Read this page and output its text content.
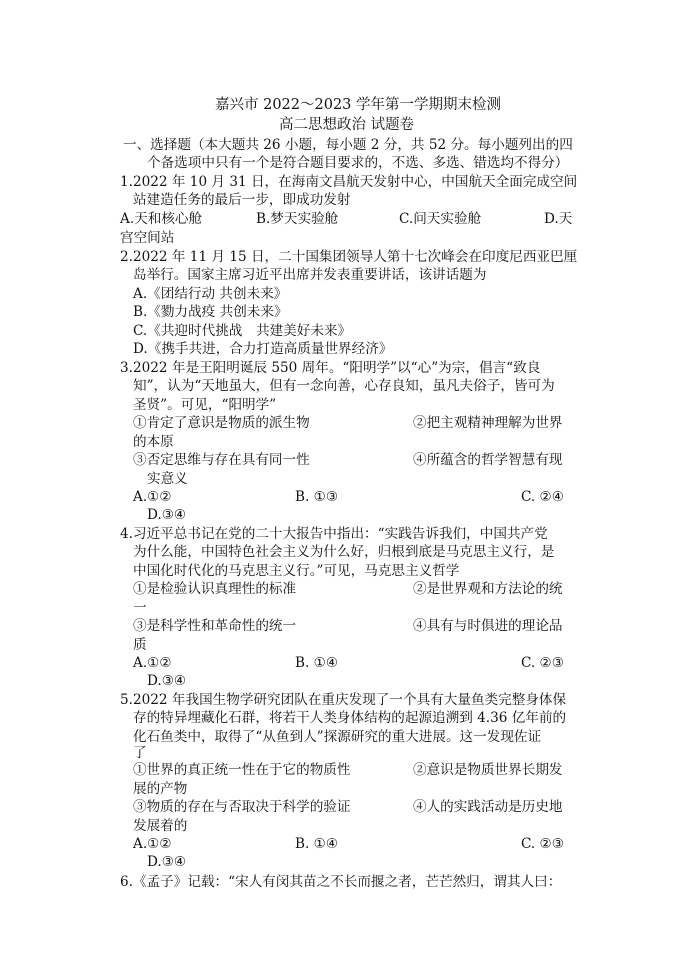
嘉兴市 2022～2023 学年第一学期期末检测
高二思想政治 试题卷
一、选择题（本大题共 26 小题，每小题 2 分，共 52 分。每小题列出的四
个备选项中只有一个是符合题目要求的，不选、多选、错选均不得分）
1.2022 年 10 月 31 日，在海南文昌航天发射中心，中国航天全面完成空间
站建造任务的最后一步，即成功发射
A.天和核心舱	B.梦天实验舱	C.问天实验舱	D.天
宫空间站
2.2022 年 11 月 15 日，二十国集团领导人第十七次峰会在印度尼西亚巴厘
岛举行。国家主席习近平出席并发表重要讲话，该讲话题为
A.《团结行动 共创未来》
B.《勠力战疫 共创未来》
C.《共迎时代挑战　共建美好未来》
D.《携手共进，合力打造高质量世界经济》
3.2022 年是王阳明诞辰 550 周年。“阳明学”以“心”为宗，倡言“致良
知”，认为“天地虽大，但有一念向善，心存良知，虽凡夫俗子，皆可为
圣贤”。可见，“阳明学”
①肯定了意识是物质的派生物	②把主观精神理解为世界
的本原
③否定思维与存在具有同一性	④所蕴含的哲学智慧有现
实意义
A.①②	B. ①③	C. ②④
D.③④
4.习近平总书记在党的二十大报告中指出：“实践告诉我们，中国共产党
为什么能，中国特色社会主义为什么好，归根到底是马克思主义行，是
中国化时代化的马克思主义行。”可见，马克思主义哲学
①是检验认识真理性的标准	②是世界观和方法论的统
一
③是科学性和革命性的统一	④具有与时俱进的理论品
质
A.①②	B. ①④	C. ②③
D.③④
5.2022 年我国生物学研究团队在重庆发现了一个具有大量鱼类完整身体保
存的特异埋藏化石群，将若干人类身体结构的起源追溯到 4.36 亿年前的
化石鱼类中，取得了“从鱼到人”探源研究的重大进展。这一发现佐证
了
①世界的真正统一性在于它的物质性	②意识是物质世界长期发
展的产物
③物质的存在与否取决于科学的验证	④人的实践活动是历史地
发展着的
A.①②	B. ①④	C. ②③
D.③④
6.《孟子》记载：“宋人有闵其苗之不长而揠之者，芒芒然归，谓其人曰：
